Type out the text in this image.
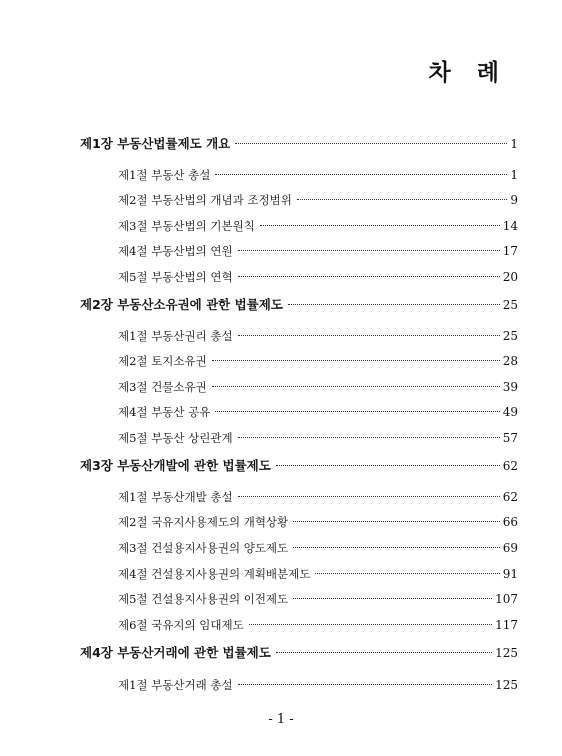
차 례
제1장 부동산법률제도 개요	1
제1절 부동산 총설	1
제2절 부동산법의 개념과 조정범위	9
제3절 부동산법의 기본원칙	14
제4절 부동산법의 연원	17
제5절 부동산법의 연혁	20
제2장 부동산소유권에 관한 법률제도	25
제1절 부동산권리 총설	25
제2절 토지소유권	28
제3절 건물소유권	39
제4절 부동산 공유	49
제5절 부동산 상린관계	57
제3장 부동산개발에 관한 법률제도	62
제1절 부동산개발 총설	62
제2절 국유지사용제도의 개혁상황	66
제3절 건설용지사용권의 양도제도	69
제4절 건설용지사용권의 계획배분제도	91
제5절 건설용지사용권의 이전제도	107
제6절 국유지의 임대제도	117
제4장 부동산거래에 관한 법률제도	125
제1절 부동산거래 총설	125
- 1 -
